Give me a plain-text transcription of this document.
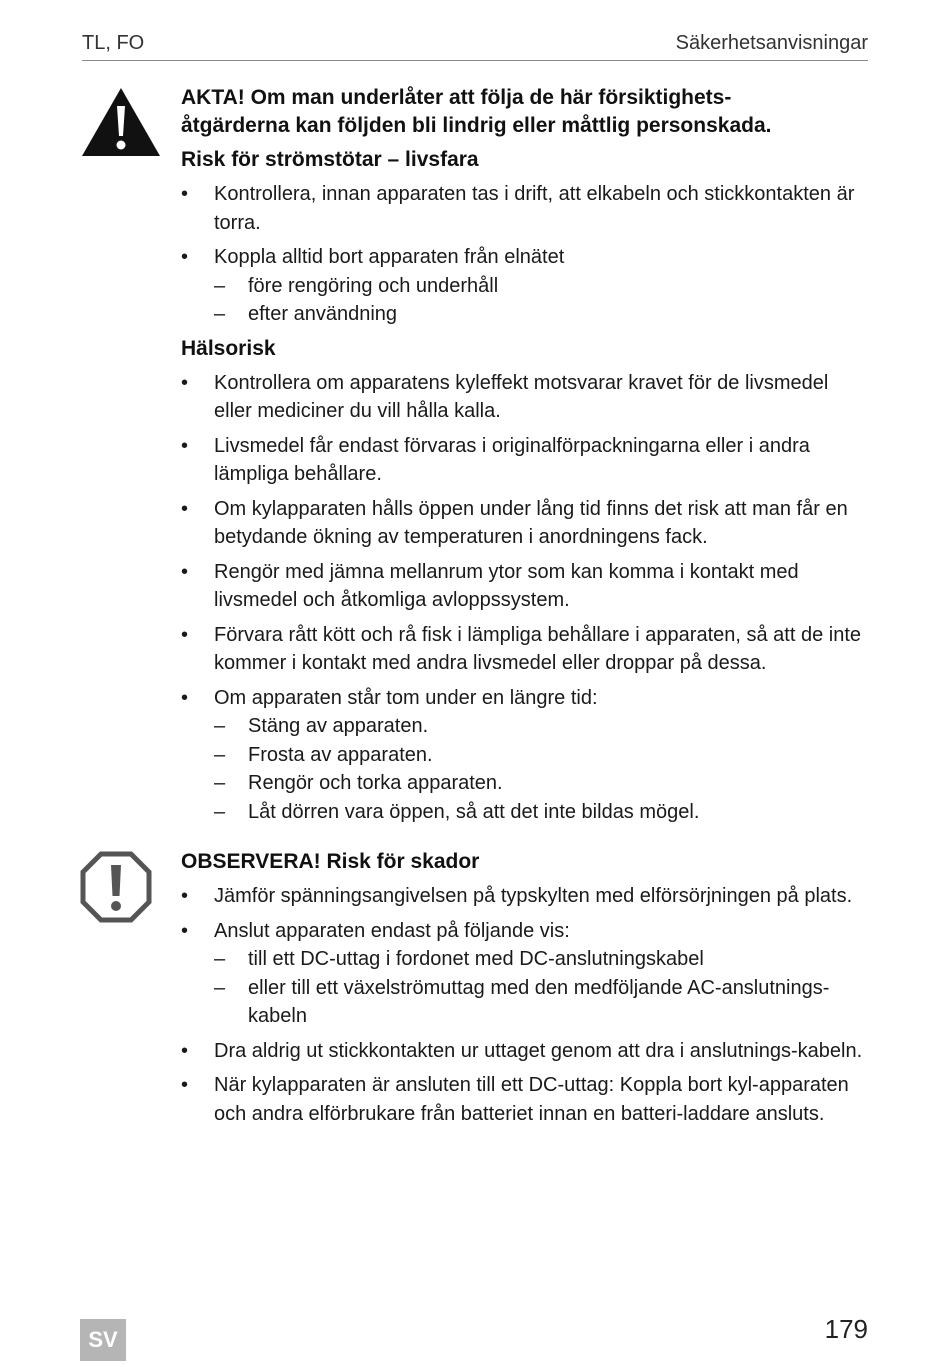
TL, FO	Säkerhetsanvisningar
AKTA! Om man underlåter att följa de här försiktighets-
åtgärderna kan följden bli lindrig eller måttlig personskada.
Risk för strömstötar – livsfara
• Kontrollera, innan apparaten tas i drift, att elkabeln och stickkontakten är torra.
• Koppla alltid bort apparaten från elnätet
– före rengöring och underhåll
– efter användning
Hälsorisk
• Kontrollera om apparatens kyleffekt motsvarar kravet för de livsmedel eller mediciner du vill hålla kalla.
• Livsmedel får endast förvaras i originalförpackningarna eller i andra lämpliga behållare.
• Om kylapparaten hålls öppen under lång tid finns det risk att man får en betydande ökning av temperaturen i anordningens fack.
• Rengör med jämna mellanrum ytor som kan komma i kontakt med livsmedel och åtkomliga avloppssystem.
• Förvara rått kött och rå fisk i lämpliga behållare i apparaten, så att de inte kommer i kontakt med andra livsmedel eller droppar på dessa.
• Om apparaten står tom under en längre tid:
– Stäng av apparaten.
– Frosta av apparaten.
– Rengör och torka apparaten.
– Låt dörren vara öppen, så att det inte bildas mögel.
OBSERVERA! Risk för skador
• Jämför spänningsangivelsen på typskylten med elförsörjningen på plats.
• Anslut apparaten endast på följande vis:
– till ett DC-uttag i fordonet med DC-anslutningskabel
– eller till ett växelströmuttag med den medföljande AC-anslutnings-kabeln
• Dra aldrig ut stickkontakten ur uttaget genom att dra i anslutnings-kabeln.
• När kylapparaten är ansluten till ett DC-uttag: Koppla bort kyl-apparaten och andra elförbrukare från batteriet innan en batteri-laddare ansluts.
SV	179
